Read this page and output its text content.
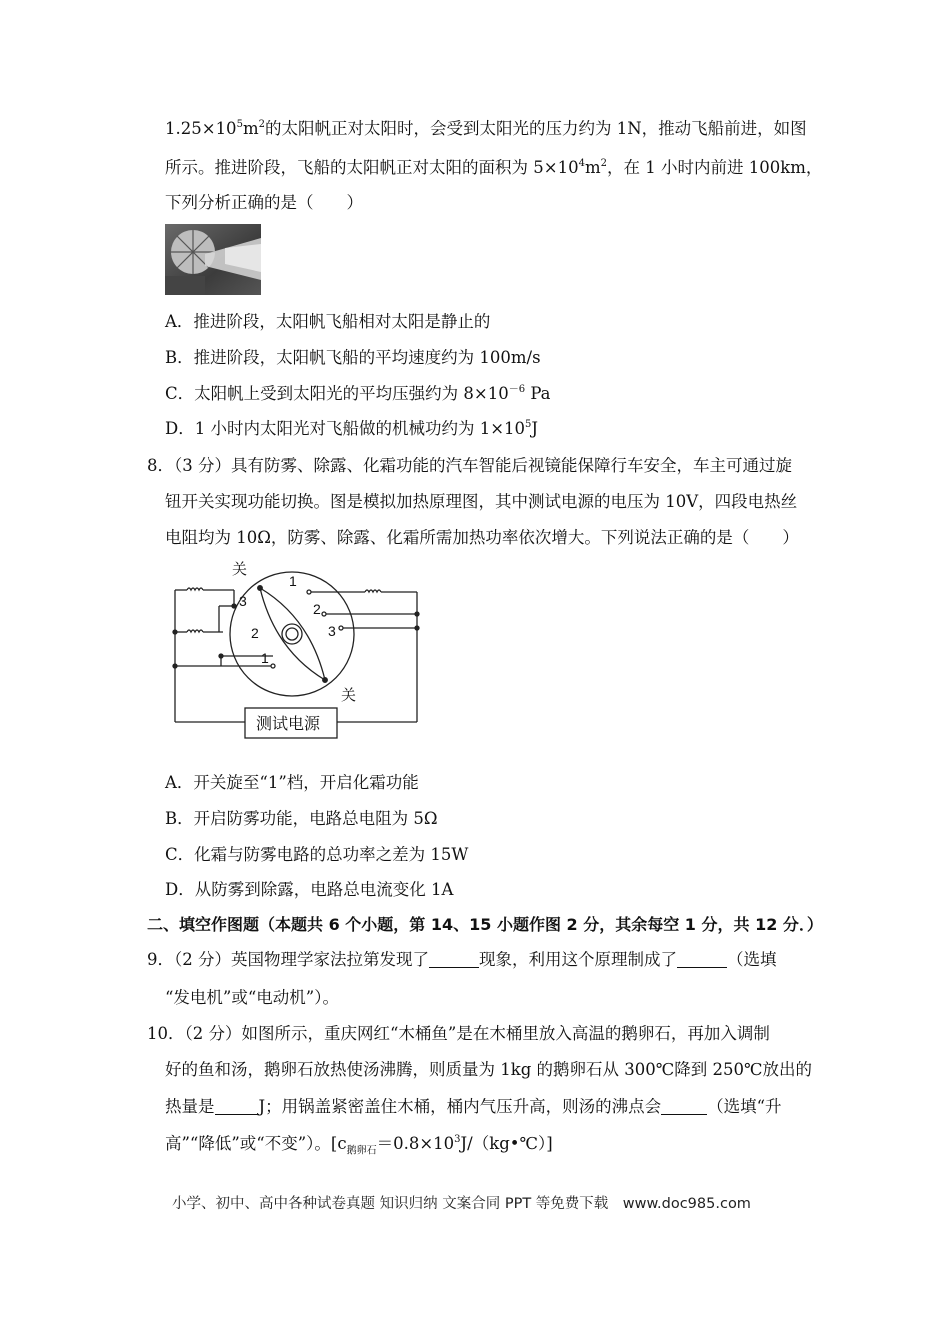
$1.25\times 10^5m^2$的太阳帆正对太阳时，会受到太阳光的压力约为 1N，推动飞船前进，如图
所示。推进阶段，飞船的太阳帆正对太阳的面积为 $5\times 10^4m^2$，在 1 小时内前进 100km，
下列分析正确的是（　　）
A．推进阶段，太阳帆飞船相对太阳是静止的
B．推进阶段，太阳帆飞船的平均速度约为 100m/s
C．太阳帆上受到太阳光的平均压强约为 $8\times 10^{-6}$ Pa
D．1 小时内太阳光对飞船做的机械功约为 $1\times 10^5J$
8．（3 分）具有防雾、除露、化霜功能的汽车智能后视镜能保障行车安全，车主可通过旋
钮开关实现功能切换。图是模拟加热原理图，其中测试电源的电压为 10V，四段电热丝
电阻均为 10Ω，防雾、除露、化霜所需加热功率依次增大。下列说法正确的是（　　）
关
关
3
2
1
1
2
3
测试电源
A．开关旋至“1”档，开启化霜功能
B．开启防雾功能，电路总电阻为 5Ω
C．化霜与防雾电路的总功率之差为 15W
D．从防雾到除露，电路总电流变化 1A
二、填空作图题（本题共 6 个小题，第 14、15 小题作图 2 分，其余每空 1 分，共 12 分．）
9．（2 分）英国物理学家法拉第发现了	现象，利用这个原理制成了	（选填
“发电机”或“电动机”）。
10．（2 分）如图所示，重庆网红“木桶鱼”是在木桶里放入高温的鹅卵石，再加入调制
好的鱼和汤，鹅卵石放热使汤沸腾，则质量为 1kg 的鹅卵石从 300℃降到 250℃放出的
热量是	J；用锅盖紧密盖住木桶，桶内气压升高，则汤的沸点会	（选填“升
高”“降低”或“不变”）。$[c_{鹅卵石}=0.8\times 10^3J/(kg•℃)]$
小学、初中、高中各种试卷真题 知识归纳 文案合同 PPT 等免费下载　www.doc985.com
